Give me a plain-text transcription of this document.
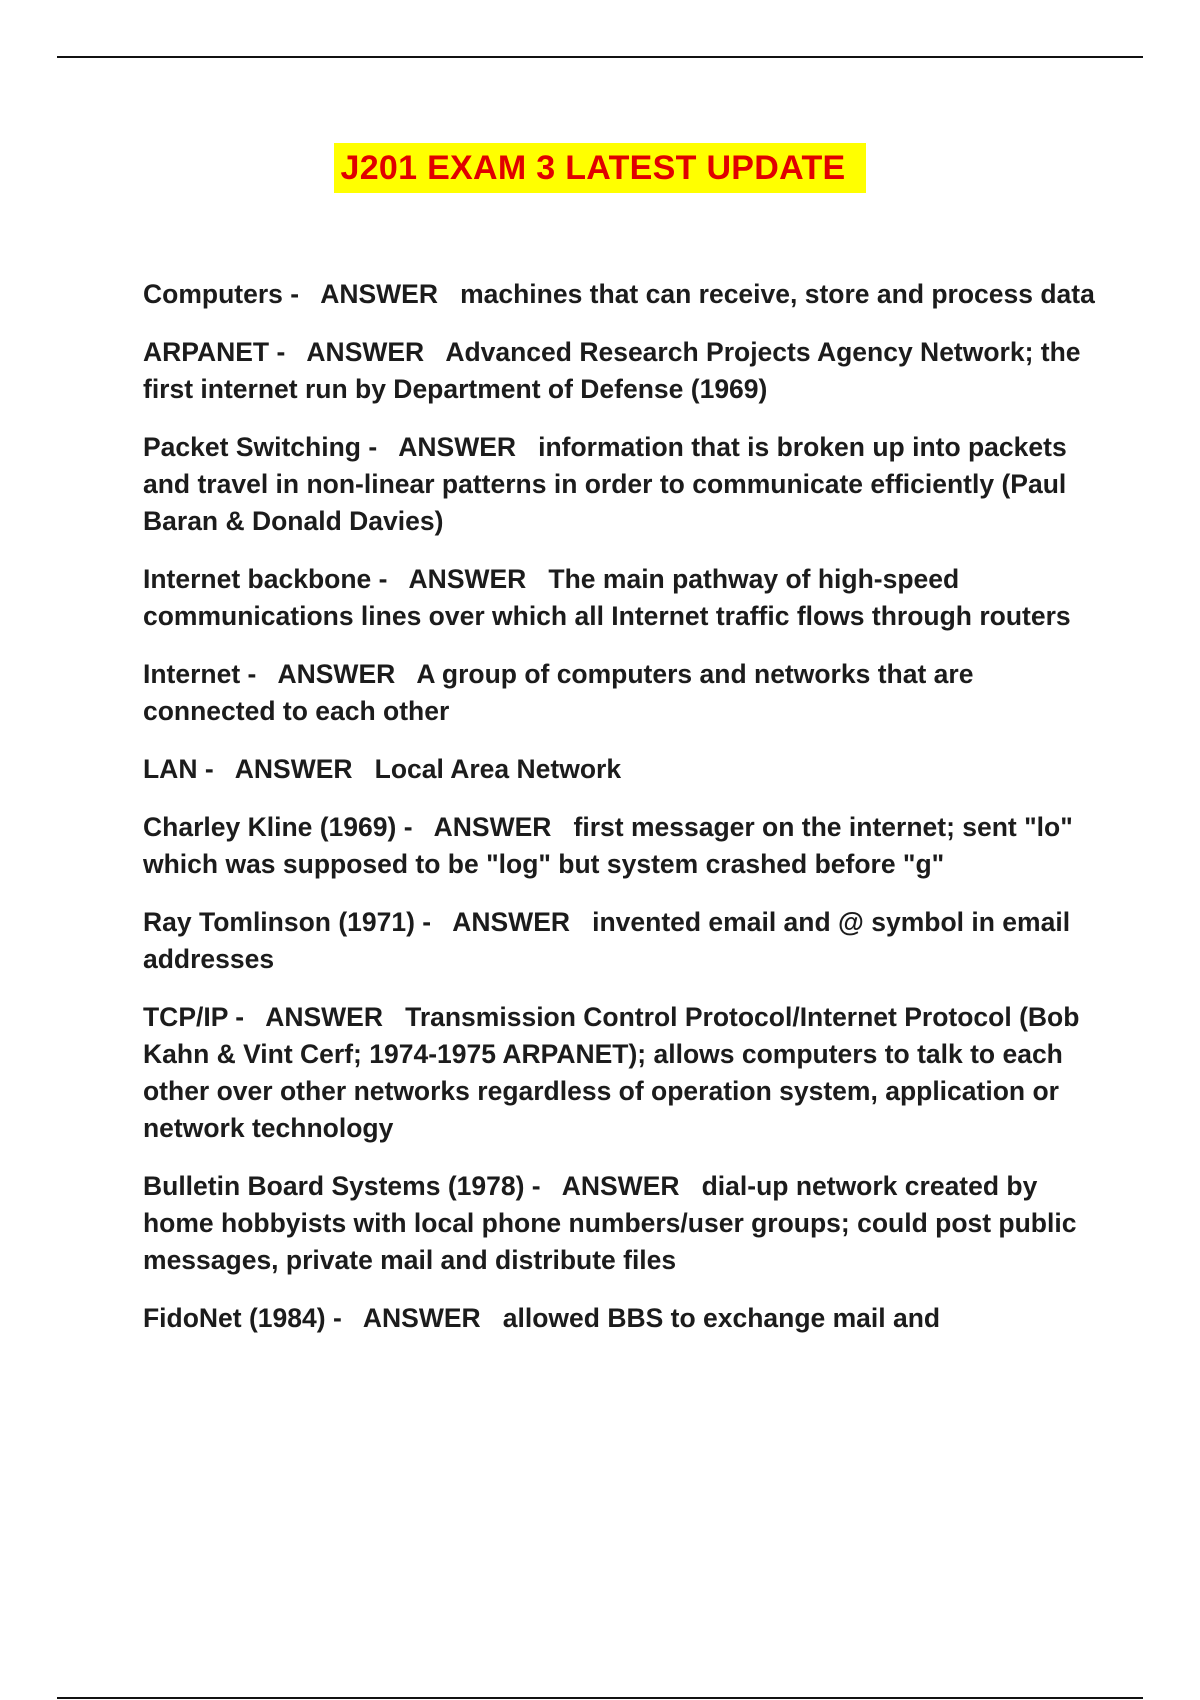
J201 EXAM 3 LATEST UPDATE

Computers - ANSWER machines that can receive, store and process data

ARPANET - ANSWER Advanced Research Projects Agency Network; the first internet run by Department of Defense (1969)

Packet Switching - ANSWER information that is broken up into packets and travel in non-linear patterns in order to communicate efficiently (Paul Baran & Donald Davies)

Internet backbone - ANSWER The main pathway of high-speed communications lines over which all Internet traffic flows through routers

Internet - ANSWER A group of computers and networks that are connected to each other

LAN - ANSWER Local Area Network

Charley Kline (1969) - ANSWER first messager on the internet; sent "lo" which was supposed to be "log" but system crashed before "g"

Ray Tomlinson (1971) - ANSWER invented email and @ symbol in email addresses

TCP/IP - ANSWER Transmission Control Protocol/Internet Protocol (Bob Kahn & Vint Cerf; 1974-1975 ARPANET); allows computers to talk to each other over other networks regardless of operation system, application or network technology

Bulletin Board Systems (1978) - ANSWER dial-up network created by home hobbyists with local phone numbers/user groups; could post public messages, private mail and distribute files

FidoNet (1984) - ANSWER allowed BBS to exchange mail and
